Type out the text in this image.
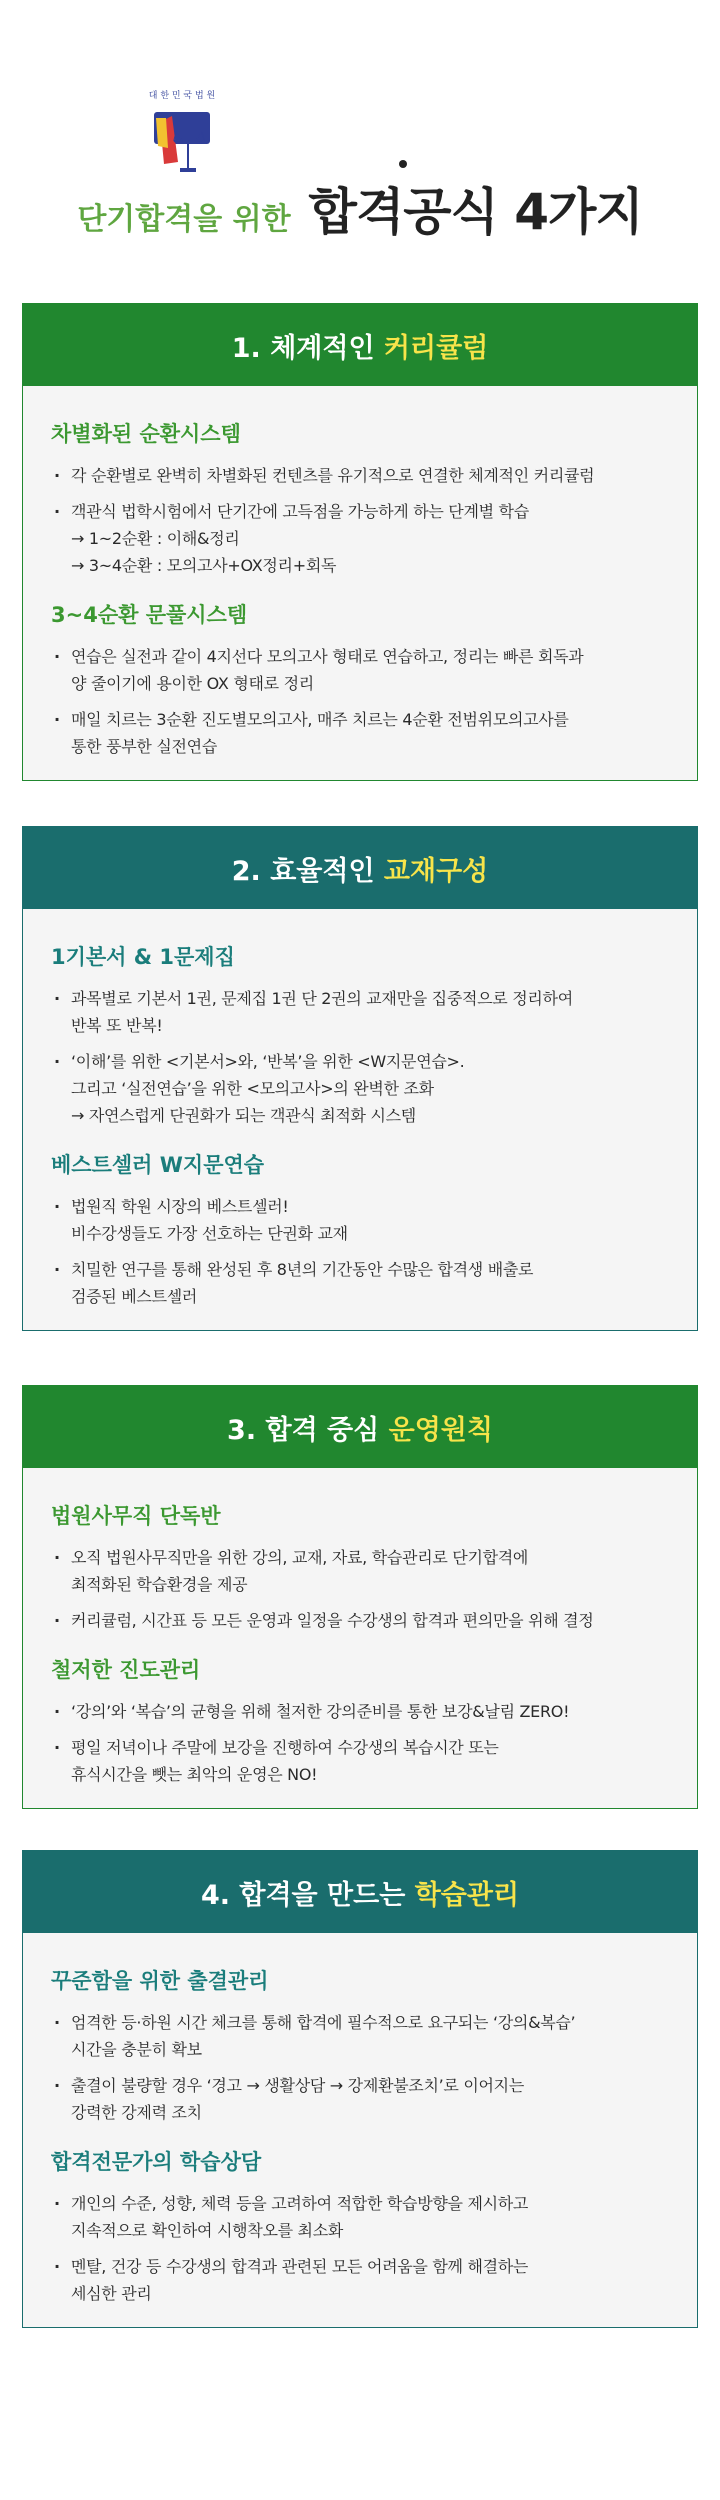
대 한 민 국 법 원
단기합격을 위한 합격공식 4가지
1. 체계적인 커리큘럼
차별화된 순환시스템
· 각 순환별로 완벽히 차별화된 컨텐츠를 유기적으로 연결한 체계적인 커리큘럼
· 객관식 법학시험에서 단기간에 고득점을 가능하게 하는 단계별 학습
→ 1~2순환 : 이해&정리
→ 3~4순환 : 모의고사+OX정리+회독
3~4순환 문풀시스템
· 연습은 실전과 같이 4지선다 모의고사 형태로 연습하고, 정리는 빠른 회독과
양 줄이기에 용이한 OX 형태로 정리
· 매일 치르는 3순환 진도별모의고사, 매주 치르는 4순환 전범위모의고사를
통한 풍부한 실전연습
2. 효율적인 교재구성
1기본서 & 1문제집
· 과목별로 기본서 1권, 문제집 1권 단 2권의 교재만을 집중적으로 정리하여
반복 또 반복!
· ‘이해’를 위한 <기본서>와, ‘반복’을 위한 <W지문연습>.
그리고 ‘실전연습’을 위한 <모의고사>의 완벽한 조화
→ 자연스럽게 단권화가 되는 객관식 최적화 시스템
베스트셀러 W지문연습
· 법원직 학원 시장의 베스트셀러!
비수강생들도 가장 선호하는 단권화 교재
· 치밀한 연구를 통해 완성된 후 8년의 기간동안 수많은 합격생 배출로
검증된 베스트셀러
3. 합격 중심 운영원칙
법원사무직 단독반
· 오직 법원사무직만을 위한 강의, 교재, 자료, 학습관리로 단기합격에
최적화된 학습환경을 제공
· 커리큘럼, 시간표 등 모든 운영과 일정을 수강생의 합격과 편의만을 위해 결정
철저한 진도관리
· ‘강의’와 ‘복습’의 균형을 위해 철저한 강의준비를 통한 보강&날림 ZERO!
· 평일 저녁이나 주말에 보강을 진행하여 수강생의 복습시간 또는
휴식시간을 뺏는 최악의 운영은 NO!
4. 합격을 만드는 학습관리
꾸준함을 위한 출결관리
· 엄격한 등·하원 시간 체크를 통해 합격에 필수적으로 요구되는 ‘강의&복습’
시간을 충분히 확보
· 출결이 불량할 경우 ‘경고 → 생활상담 → 강제환불조치’로 이어지는
강력한 강제력 조치
합격전문가의 학습상담
· 개인의 수준, 성향, 체력 등을 고려하여 적합한 학습방향을 제시하고
지속적으로 확인하여 시행착오를 최소화
· 멘탈, 건강 등 수강생의 합격과 관련된 모든 어려움을 함께 해결하는
세심한 관리
